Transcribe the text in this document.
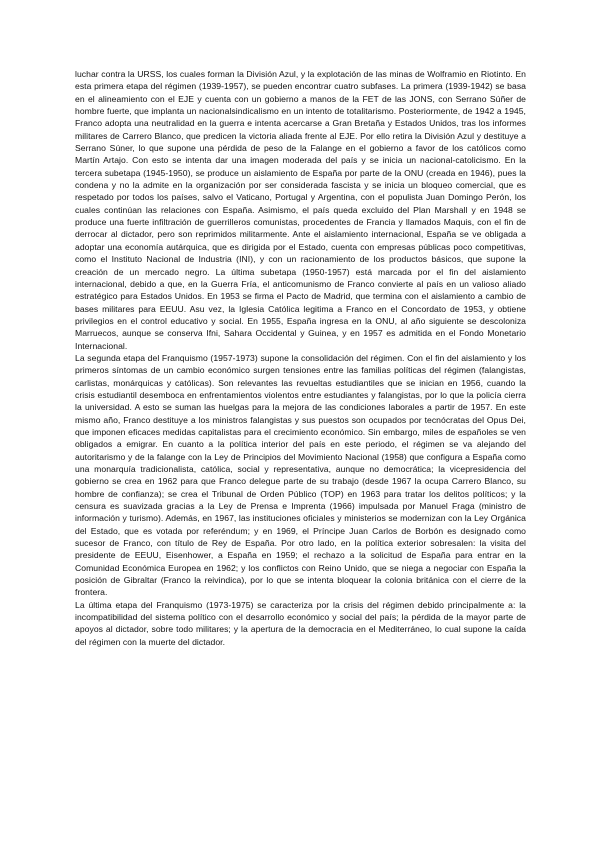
luchar contra la URSS, los cuales forman la División Azul, y la explotación de las minas de Wolframio en Riotinto. En esta primera etapa del régimen (1939-1957), se pueden encontrar cuatro subfases. La primera (1939-1942) se basa en el alineamiento con el EJE y cuenta con un gobierno a manos de la FET de las JONS, con Serrano Súñer de hombre fuerte, que implanta un nacionalsindicalismo en un intento de totalitarismo. Posteriormente, de 1942 a 1945, Franco adopta una neutralidad en la guerra e intenta acercarse a Gran Bretaña y Estados Unidos, tras los informes militares de Carrero Blanco, que predicen la victoria aliada frente al EJE. Por ello retira la División Azul y destituye a Serrano Súner, lo que supone una pérdida de peso de la Falange en el gobierno a favor de los católicos como Martín Artajo. Con esto se intenta dar una imagen moderada del país y se inicia un nacional-catolicismo. En la tercera subetapa (1945-1950), se produce un aislamiento de España por parte de la ONU (creada en 1946), pues la condena y no la admite en la organización por ser considerada fascista y se inicia un bloqueo comercial, que es respetado por todos los países, salvo el Vaticano, Portugal y Argentina, con el populista Juan Domingo Perón, los cuales continúan las relaciones con España. Asimismo, el país queda excluido del Plan Marshall y en 1948 se produce una fuerte infiltración de guerrilleros comunistas, procedentes de Francia y llamados Maquis, con el fin de derrocar al dictador, pero son reprimidos militarmente. Ante el aislamiento internacional, España se ve obligada a adoptar una economía autárquica, que es dirigida por el Estado, cuenta con empresas públicas poco competitivas, como el Instituto Nacional de Industria (INI), y con un racionamiento de los productos básicos, que supone la creación de un mercado negro. La última subetapa (1950-1957) está marcada por el fin del aislamiento internacional, debido a que, en la Guerra Fría, el anticomunismo de Franco convierte al país en un valioso aliado estratégico para Estados Unidos. En 1953 se firma el Pacto de Madrid, que termina con el aislamiento a cambio de bases militares para EEUU. Asu vez, la Iglesia Católica legitima a Franco en el Concordato de 1953, y obtiene privilegios en el control educativo y social. En 1955, España ingresa en la ONU, al año siguiente se descoloniza Marruecos, aunque se conserva Ifni, Sahara Occidental y Guinea, y en 1957 es admitida en el Fondo Monetario Internacional.

La segunda etapa del Franquismo (1957-1973) supone la consolidación del régimen. Con el fin del aislamiento y los primeros síntomas de un cambio económico surgen tensiones entre las familias políticas del régimen (falangistas, carlistas, monárquicas y católicas). Son relevantes las revueltas estudiantiles que se inician en 1956, cuando la crisis estudiantil desemboca en enfrentamientos violentos entre estudiantes y falangistas, por lo que la policía cierra la universidad. A esto se suman las huelgas para la mejora de las condiciones laborales a partir de 1957. En este mismo año, Franco destituye a los ministros falangistas y sus puestos son ocupados por tecnócratas del Opus Dei, que imponen eficaces medidas capitalistas para el crecimiento económico. Sin embargo, miles de españoles se ven obligados a emigrar. En cuanto a la política interior del país en este periodo, el régimen se va alejando del autoritarismo y de la falange con la Ley de Principios del Movimiento Nacional (1958) que configura a España como una monarquía tradicionalista, católica, social y representativa, aunque no democrática; la vicepresidencia del gobierno se crea en 1962 para que Franco delegue parte de su trabajo (desde 1967 la ocupa Carrero Blanco, su hombre de confianza); se crea el Tribunal de Orden Público (TOP) en 1963 para tratar los delitos políticos; y la censura es suavizada gracias a la Ley de Prensa e Imprenta (1966) impulsada por Manuel Fraga (ministro de información y turismo). Además, en 1967, las instituciones oficiales y ministerios se modernizan con la Ley Orgánica del Estado, que es votada por referéndum; y en 1969, el Príncipe Juan Carlos de Borbón es designado como sucesor de Franco, con título de Rey de España. Por otro lado, en la política exterior sobresalen: la visita del presidente de EEUU, Eisenhower, a España en 1959; el rechazo a la solicitud de España para entrar en la Comunidad Económica Europea en 1962; y los conflictos con Reino Unido, que se niega a negociar con España la posición de Gibraltar (Franco la reivindica), por lo que se intenta bloquear la colonia británica con el cierre de la frontera.

La última etapa del Franquismo (1973-1975) se caracteriza por la crisis del régimen debido principalmente a: la incompatibilidad del sistema político con el desarrollo económico y social del país; la pérdida de la mayor parte de apoyos al dictador, sobre todo militares; y la apertura de la democracia en el Mediterráneo, lo cual supone la caída del régimen con la muerte del dictador.
